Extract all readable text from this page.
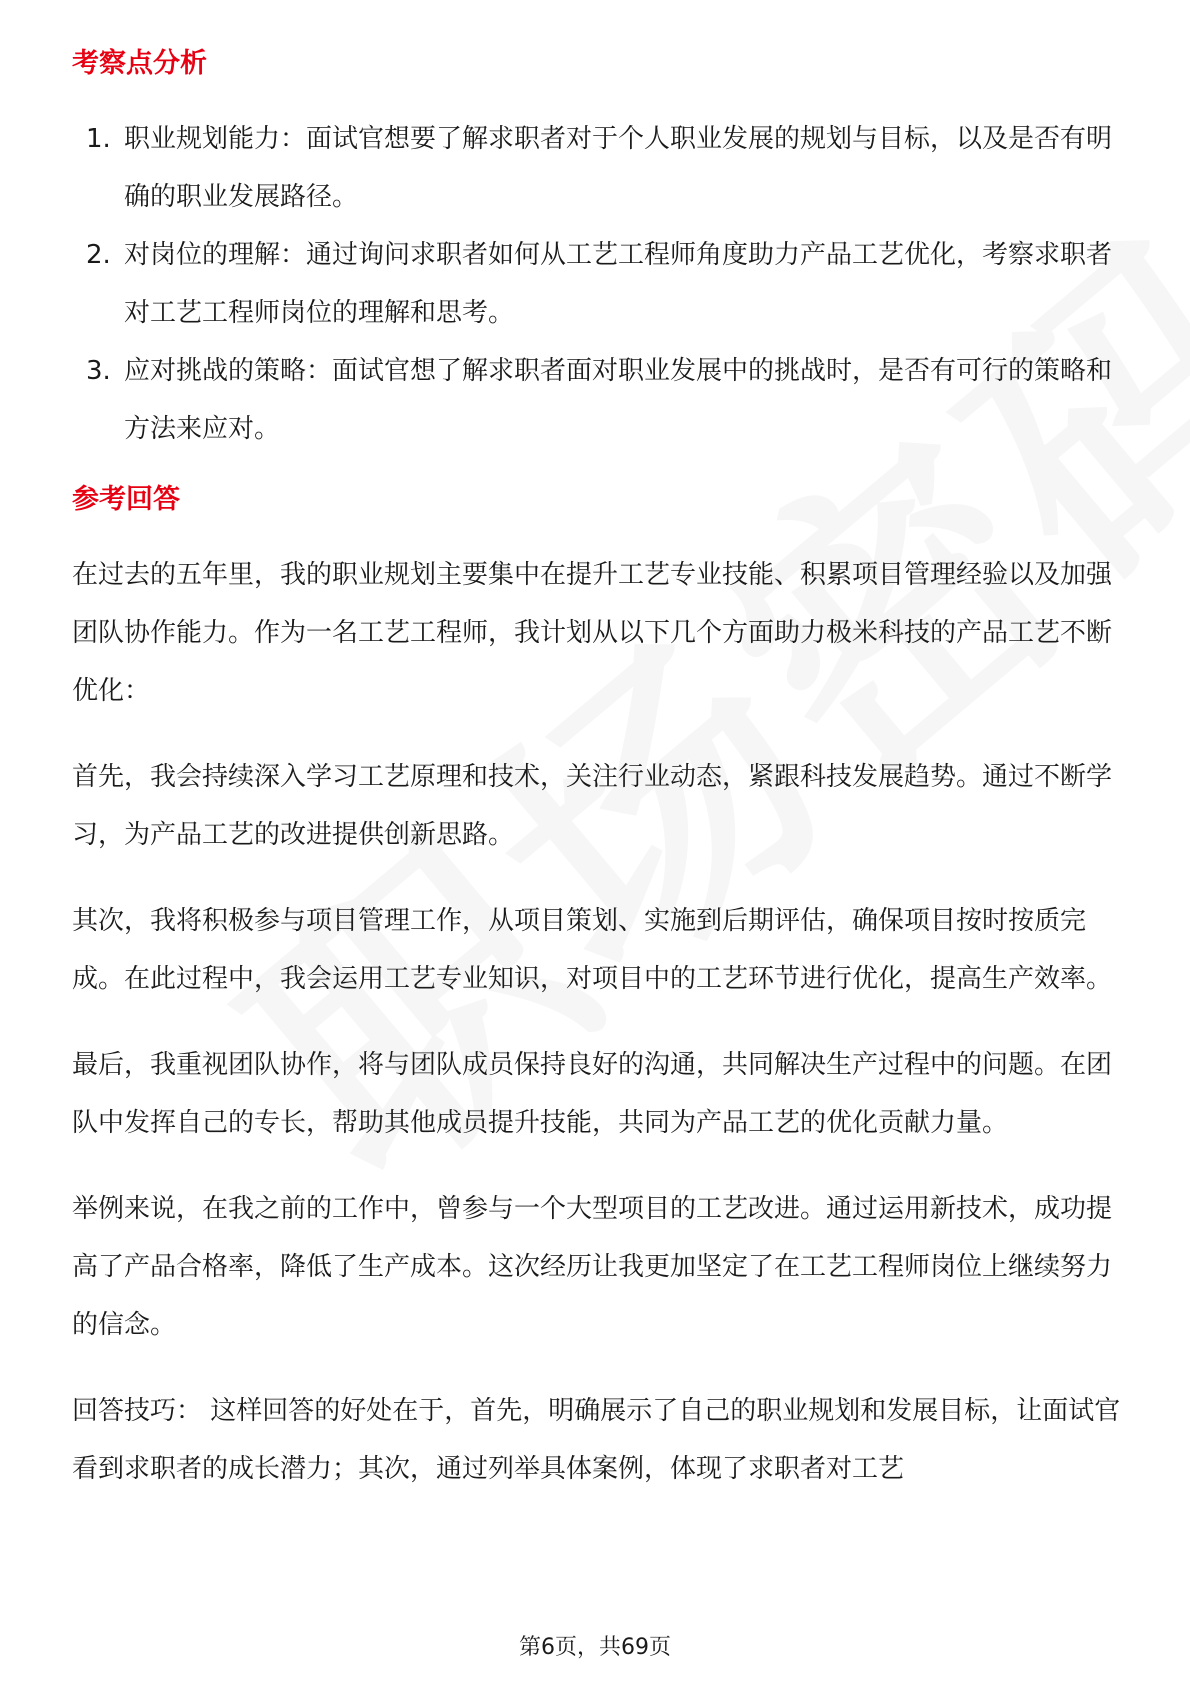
考察点分析
1. 职业规划能力：面试官想要了解求职者对于个人职业发展的规划与目标，以及是否有明确的职业发展路径。
2. 对岗位的理解：通过询问求职者如何从工艺工程师角度助力产品工艺优化，考察求职者对工艺工程师岗位的理解和思考。
3. 应对挑战的策略：面试官想了解求职者面对职业发展中的挑战时，是否有可行的策略和方法来应对。
参考回答

在过去的五年里，我的职业规划主要集中在提升工艺专业技能、积累项目管理经验以及加强团队协作能力。作为一名工艺工程师，我计划从以下几个方面助力极米科技的产品工艺不断优化：

首先，我会持续深入学习工艺原理和技术，关注行业动态，紧跟科技发展趋势。通过不断学习，为产品工艺的改进提供创新思路。

其次，我将积极参与项目管理工作，从项目策划、实施到后期评估，确保项目按时按质完成。在此过程中，我会运用工艺专业知识，对项目中的工艺环节进行优化，提高生产效率。

最后，我重视团队协作，将与团队成员保持良好的沟通，共同解决生产过程中的问题。在团队中发挥自己的专长，帮助其他成员提升技能，共同为产品工艺的优化贡献力量。

举例来说，在我之前的工作中，曾参与一个大型项目的工艺改进。通过运用新技术，成功提高了产品合格率，降低了生产成本。这次经历让我更加坚定了在工艺工程师岗位上继续努力的信念。

回答技巧： 这样回答的好处在于，首先，明确展示了自己的职业规划和发展目标，让面试官看到求职者的成长潜力；其次，通过列举具体案例，体现了求职者对工艺

第6页，共69页
